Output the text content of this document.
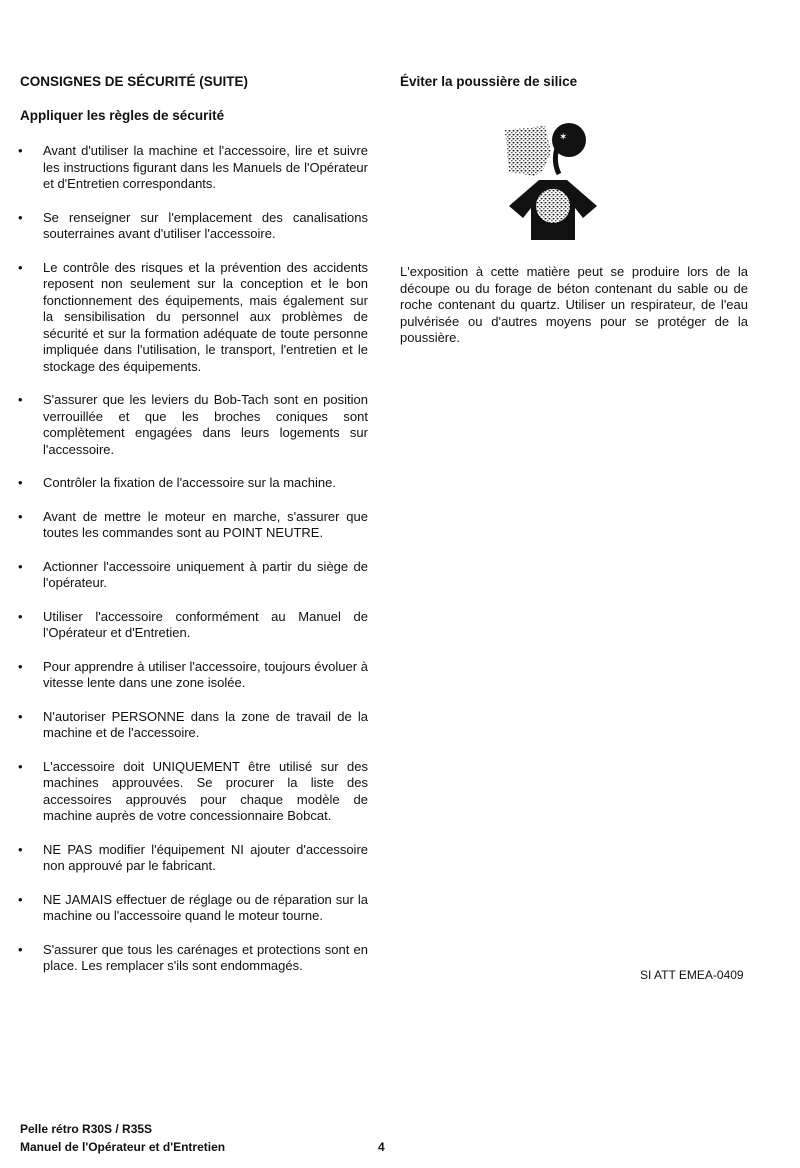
CONSIGNES DE SÉCURITÉ (SUITE)
Appliquer les règles de sécurité
• Avant d'utiliser la machine et l'accessoire, lire et suivre les instructions figurant dans les Manuels de l'Opérateur et d'Entretien correspondants.
• Se renseigner sur l'emplacement des canalisations souterraines avant d'utiliser l'accessoire.
• Le contrôle des risques et la prévention des accidents reposent non seulement sur la conception et le bon fonctionnement des équipements, mais également sur la sensibilisation du personnel aux problèmes de sécurité et sur la formation adéquate de toute personne impliquée dans l'utilisation, le transport, l'entretien et le stockage des équipements.
• S'assurer que les leviers du Bob-Tach sont en position verrouillée et que les broches coniques sont complètement engagées dans leurs logements sur l'accessoire.
• Contrôler la fixation de l'accessoire sur la machine.
• Avant de mettre le moteur en marche, s'assurer que toutes les commandes sont au POINT NEUTRE.
• Actionner l'accessoire uniquement à partir du siège de l'opérateur.
• Utiliser l'accessoire conformément au Manuel de l'Opérateur et d'Entretien.
• Pour apprendre à utiliser l'accessoire, toujours évoluer à vitesse lente dans une zone isolée.
• N'autoriser PERSONNE dans la zone de travail de la machine et de l'accessoire.
• L'accessoire doit UNIQUEMENT être utilisé sur des machines approuvées. Se procurer la liste des accessoires approuvés pour chaque modèle de machine auprès de votre concessionnaire Bobcat.
• NE PAS modifier l'équipement NI ajouter d'accessoire non approuvé par le fabricant.
• NE JAMAIS effectuer de réglage ou de réparation sur la machine ou l'accessoire quand le moteur tourne.
• S'assurer que tous les carénages et protections sont en place. Les remplacer s'ils sont endommagés.
Éviter la poussière de silice
✶

L'exposition à cette matière peut se produire lors de la découpe ou du forage de béton contenant du sable ou de roche contenant du quartz. Utiliser un respirateur, de l'eau pulvérisée ou d'autres moyens pour se protéger de la poussière.

SI ATT EMEA-0409
Pelle rétro R30S / R35S
Manuel de l'Opérateur et d'Entretien	4
